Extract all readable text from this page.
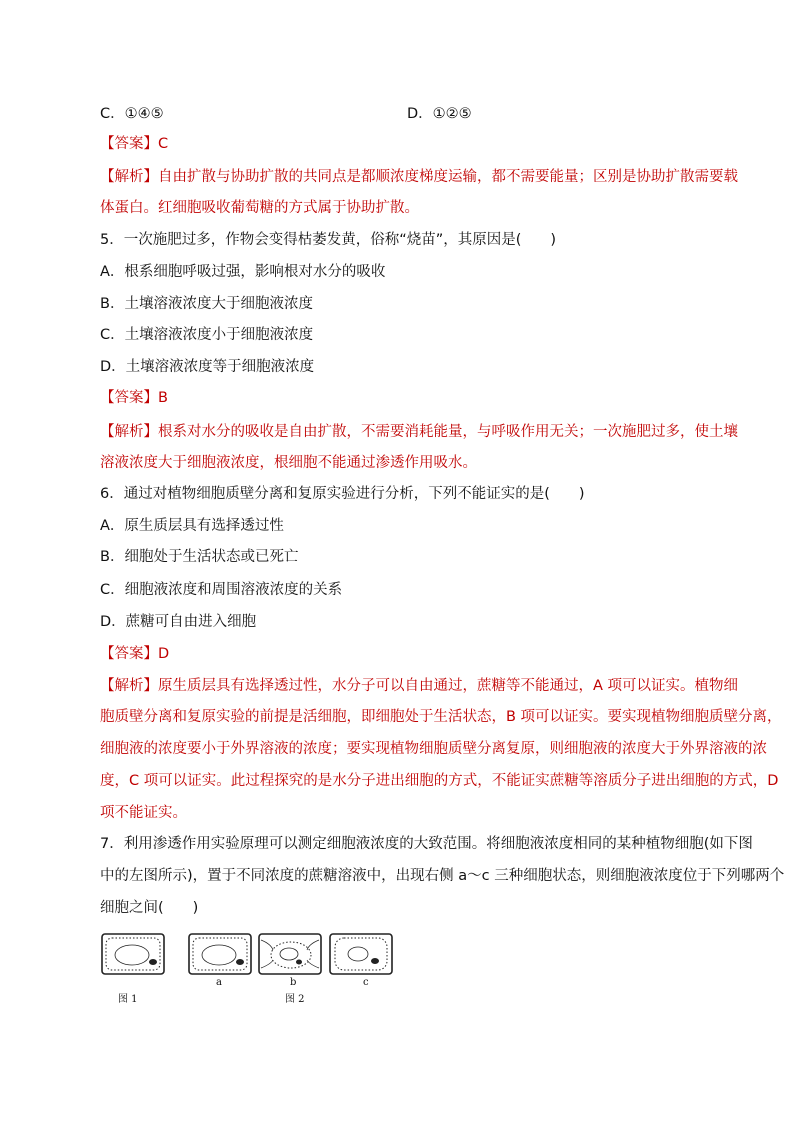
C．①④⑤	D．①②⑤
【答案】C
【解析】自由扩散与协助扩散的共同点是都顺浓度梯度运输，都不需要能量；区别是协助扩散需要载
体蛋白。红细胞吸收葡萄糖的方式属于协助扩散。
5．一次施肥过多，作物会变得枯萎发黄，俗称“烧苗”，其原因是(　　)
A．根系细胞呼吸过强，影响根对水分的吸收
B．土壤溶液浓度大于细胞液浓度
C．土壤溶液浓度小于细胞液浓度
D．土壤溶液浓度等于细胞液浓度
【答案】B
【解析】根系对水分的吸收是自由扩散，不需要消耗能量，与呼吸作用无关；一次施肥过多，使土壤
溶液浓度大于细胞液浓度，根细胞不能通过渗透作用吸水。
6．通过对植物细胞质壁分离和复原实验进行分析，下列不能证实的是(　　)
A．原生质层具有选择透过性
B．细胞处于生活状态或已死亡
C．细胞液浓度和周围溶液浓度的关系
D．蔗糖可自由进入细胞
【答案】D
【解析】原生质层具有选择透过性，水分子可以自由通过，蔗糖等不能通过，A 项可以证实。植物细
胞质壁分离和复原实验的前提是活细胞，即细胞处于生活状态，B 项可以证实。要实现植物细胞质壁分离，
细胞液的浓度要小于外界溶液的浓度；要实现植物细胞质壁分离复原，则细胞液的浓度大于外界溶液的浓
度，C 项可以证实。此过程探究的是水分子进出细胞的方式，不能证实蔗糖等溶质分子进出细胞的方式，D
项不能证实。
7．利用渗透作用实验原理可以测定细胞液浓度的大致范围。将细胞液浓度相同的某种植物细胞(如下图
中的左图所示)，置于不同浓度的蔗糖溶液中，出现右侧 a～c 三种细胞状态，则细胞液浓度位于下列哪两个
细胞之间(　　)
图 1
a	b
图 2
c
